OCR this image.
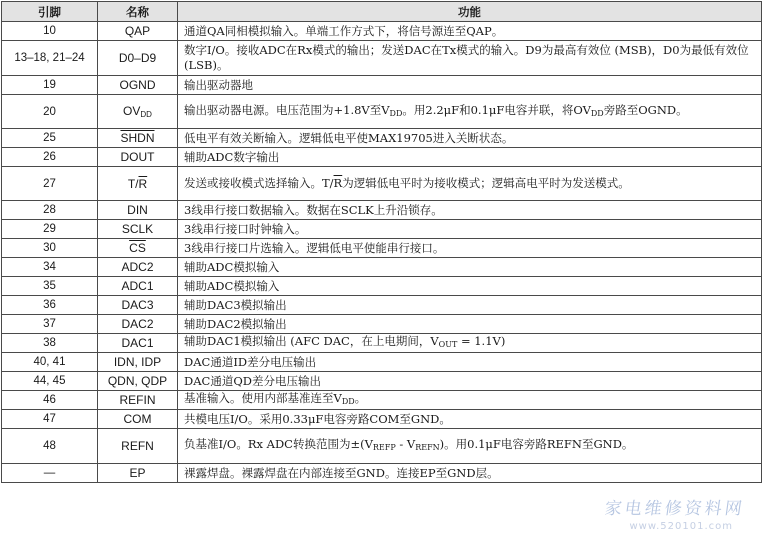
引脚	名称	功能
10	QAP	通道QA同相模拟输入。单端工作方式下，将信号源连至QAP。
13–18, 21–24	D0–D9	数字I/O。接收ADC在Rx模式的输出；发送DAC在Tx模式的输入。D9为最高有效位 (MSB)，D0为最低有效位 (LSB)。
19	OGND	输出驱动器地
20	$OV_{DD}$	输出驱动器电源。电压范围为+1.8V至$V_{DD}$。用2.2μF和0.1μF电容并联，将$OV_{DD}$旁路至OGND。
25	SHDN	低电平有效关断输入。逻辑低电平使MAX19705进入关断状态。
26	DOUT	辅助ADC数字输出
27	$T/\overline{R}$	发送或接收模式选择输入。$T/\overline{R}$为逻辑低电平时为接收模式；逻辑高电平时为发送模式。
28	DIN	3线串行接口数据输入。数据在SCLK上升沿锁存。
29	SCLK	3线串行接口时钟输入。
30	$\overline{CS}$	3线串行接口片选输入。逻辑低电平使能串行接口。
34	ADC2	辅助ADC模拟输入
35	ADC1	辅助ADC模拟输入
36	DAC3	辅助DAC3模拟输出
37	DAC2	辅助DAC2模拟输出
38	DAC1	辅助DAC1模拟输出 (AFC DAC，在上电期间，$V_{OUT} = 1.1V$)
40, 41	IDN, IDP	DAC通道ID差分电压输出
44, 45	QDN, QDP	DAC通道QD差分电压输出
46	REFIN	基准输入。使用内部基准连至$V_{DD}$。
47	COM	共模电压I/O。采用0.33μF电容旁路COM至GND。
48	REFN	负基准I/O。Rx ADC转换范围为$\pm(V_{REFP} - V_{REFN})$。用0.1μF电容旁路REFN至GND。
—	EP	裸露焊盘。裸露焊盘在内部连接至GND。连接EP至GND层。
家电维修资料网
www.520101.com
